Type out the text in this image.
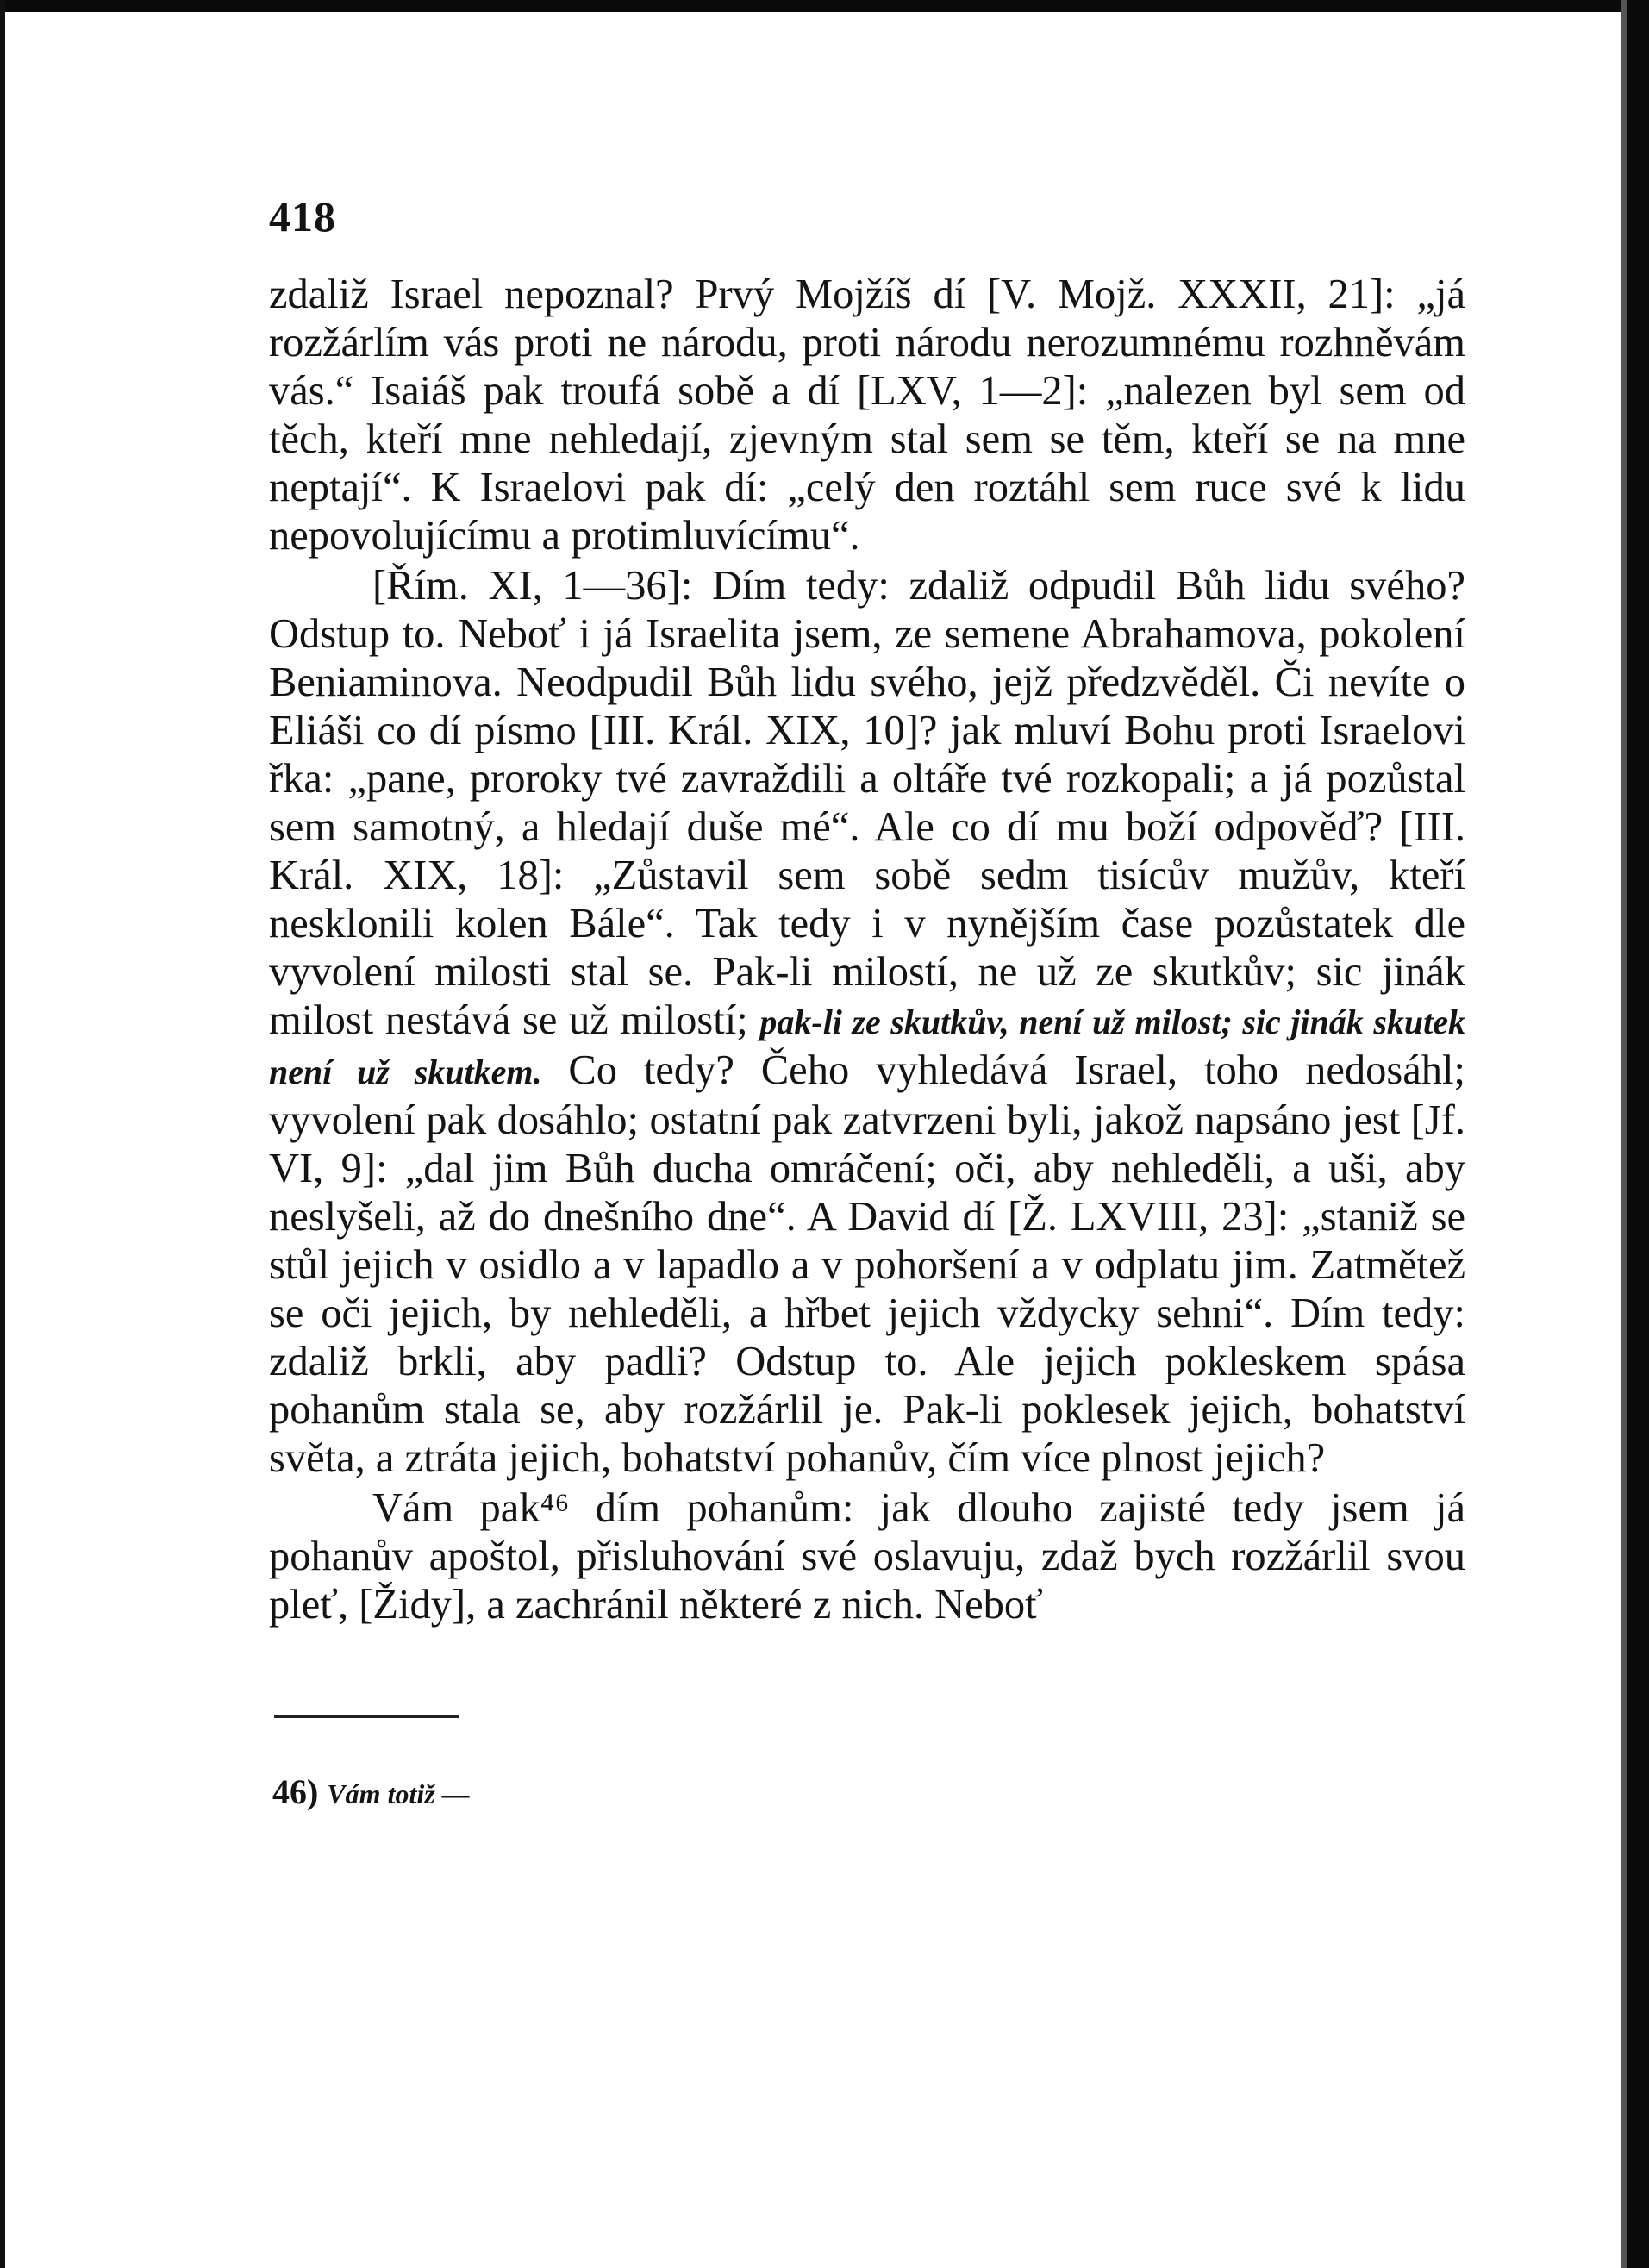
418

zdaliž Israel nepoznal? Prvý Mojžíš dí [V. Mojž. XXXII, 21]: „já rozžárlím vás proti ne národu, proti národu nerozumnému rozhněvám vás.“ Isaiáš pak troufá sobě a dí [LXV, 1—2]: „nalezen byl sem od těch, kteří mne nehledají, zjevným stal sem se těm, kteří se na mne neptají“. K Israelovi pak dí: „celý den roztáhl sem ruce své k lidu nepovolujícímu a protimluvícímu“.

[Řím. XI, 1—36]: Dím tedy: zdaliž odpudil Bůh lidu svého? Odstup to. Neboť i já Israelita jsem, ze semene Abrahamova, pokolení Beniaminova. Neodpudil Bůh lidu svého, jejž předzvěděl. Či nevíte o Eliáši co dí písmo [III. Král. XIX, 10]? jak mluví Bohu proti Israelovi řka: „pane, proroky tvé zavraždili a oltáře tvé rozkopali; a já pozůstal sem samotný, a hledají duše mé“. Ale co dí mu boží odpověď? [III. Král. XIX, 18]: „Zůstavil sem sobě sedm tisícův mužův, kteří nesklonili kolen Bále“. Tak tedy i v nynějším čase pozůstatek dle vyvolení milosti stal se. Pak-li milostí, ne už ze skutkův; sic jinák milost nestává se už milostí; pak-li ze skutkův, není už milost; sic jinák skutek není už skutkem. Co tedy? Čeho vyhledává Israel, toho nedosáhl; vyvolení pak dosáhlo; ostatní pak zatvrzeni byli, jakož napsáno jest [Jf. VI, 9]: „dal jim Bůh ducha omráčení; oči, aby nehleděli, a uši, aby neslyšeli, až do dnešního dne“. A David dí [Ž. LXVIII, 23]: „staniž se stůl jejich v osidlo a v lapadlo a v pohoršení a v odplatu jim. Zatmětež se oči jejich, by nehleděli, a hřbet jejich vždycky sehni“. Dím tedy: zdaliž brkli, aby padli? Odstup to. Ale jejich pokleskem spása pohanům stala se, aby rozžárlil je. Pak-li poklesek jejich, bohatství světa, a ztráta jejich, bohatství pohanův, čím více plnost jejich?

Vám pak⁴⁶ dím pohanům: jak dlouho zajisté tedy jsem já pohanův apoštol, přisluhování své oslavuju, zdaž bych rozžárlil svou pleť, [Židy], a zachránil některé z nich. Neboť

46) Vám totiž —
